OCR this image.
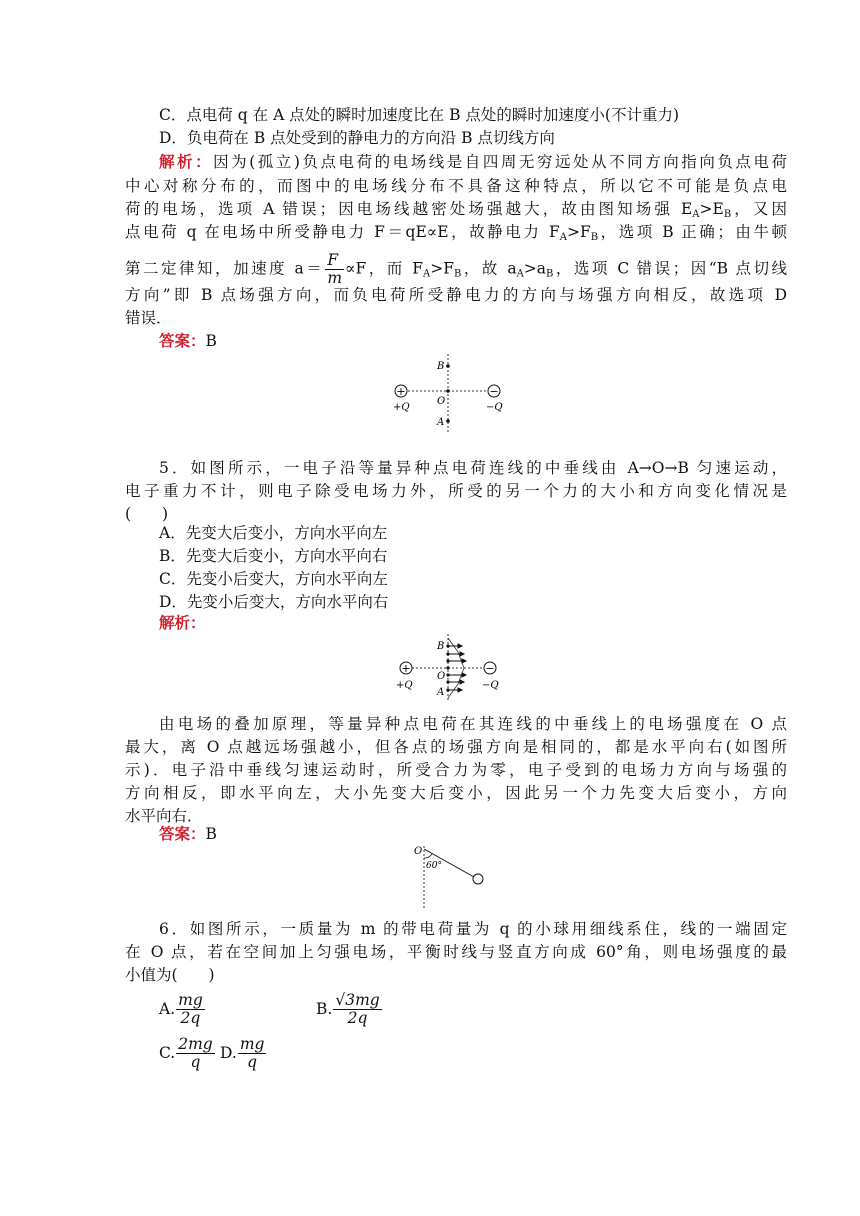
C．点电荷 q 在 A 点处的瞬时加速度比在 B 点处的瞬时加速度小(不计重力)
D．负电荷在 B 点处受到的静电力的方向沿 B 点切线方向
解析：因为(孤立)负点电荷的电场线是自四周无穷远处从不同方向指向负点电荷
中心对称分布的，而图中的电场线分布不具备这种特点，所以它不可能是负点电
荷的电场，选项 A 错误；因电场线越密处场强越大，故由图知场强 $E_A>E_B$，又因
点电荷 q 在电场中所受静电力 F＝qE∝E，故静电力 $F_A>F_B$，选项 B 正确；由牛顿
第二定律知，加速度 $a= \frac{F}{m} \propto F$，而 $F_A>F_B$，故 $a_A>a_B$，选项 C 错误；因“B 点切线
方向”即 B 点场强方向，而负电荷所受静电力的方向与场强方向相反，故选项 D
错误．
答案：B
+	−
B
O
A
+Q	−Q
5．如图所示，一电子沿等量异种点电荷连线的中垂线由 A→O→B 匀速运动，
电子重力不计，则电子除受电场力外，所受的另一个力的大小和方向变化情况是
(　　)
A．先变大后变小，方向水平向左
B．先变大后变小，方向水平向右
C．先变小后变大，方向水平向左
D．先变小后变大，方向水平向右
解析：
+	−
B
O
A
+Q	−Q
由电场的叠加原理，等量异种点电荷在其连线的中垂线上的电场强度在 O 点
最大，离 O 点越远场强越小，但各点的场强方向是相同的，都是水平向右(如图所
示)．电子沿中垂线匀速运动时，所受合力为零，电子受到的电场力方向与场强的
方向相反，即水平向左，大小先变大后变小，因此另一个力先变大后变小，方向
水平向右．
答案：B
O
60°
6．如图所示，一质量为 m 的带电荷量为 q 的小球用细线系住，线的一端固定
在 O 点，若在空间加上匀强电场，平衡时线与竖直方向成 60°角，则电场强度的最
小值为(　　)
A. $\frac{mg}{2q}$	B. $\frac{√3mg}{2q}$
C. $\frac{2mg}{q} D$. $\frac{mg}{q}$
